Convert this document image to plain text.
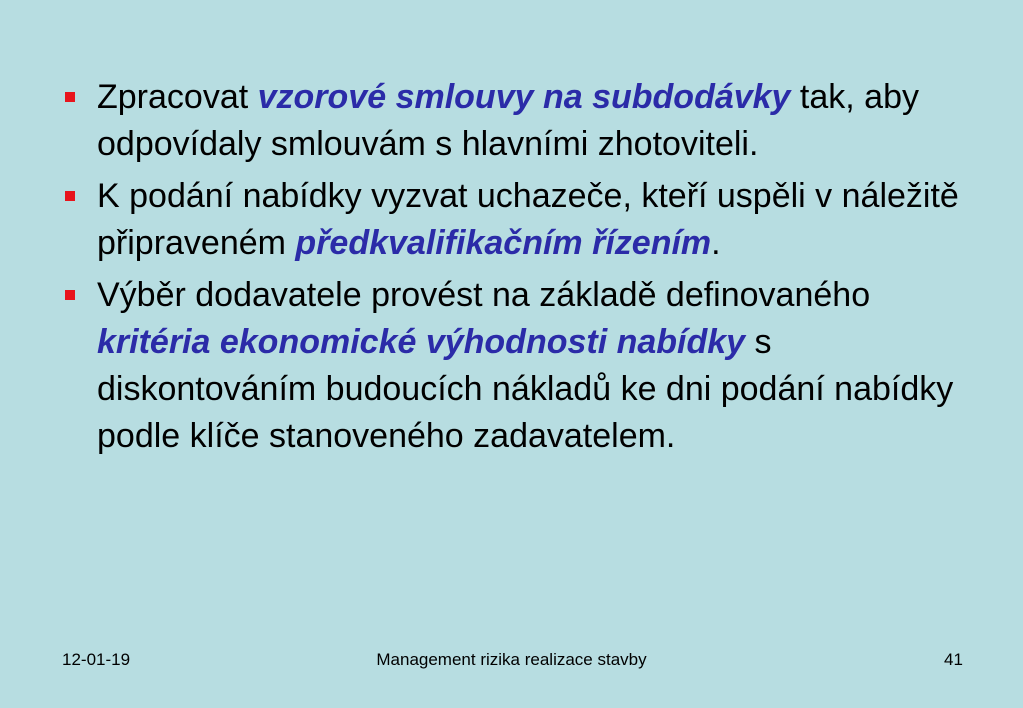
Zpracovat vzorové smlouvy na subdodávky tak, aby odpovídaly smlouvám s hlavními zhotoviteli.
K podání nabídky vyzvat uchazeče, kteří uspěli v náležitě připraveném předkvalifikačním řízením.
Výběr dodavatele provést na základě definovaného kritéria ekonomické výhodnosti nabídky s diskontováním budoucích nákladů ke dni podání nabídky podle klíče stanoveného zadavatelem.
12-01-19	Management rizika realizace stavby	41
